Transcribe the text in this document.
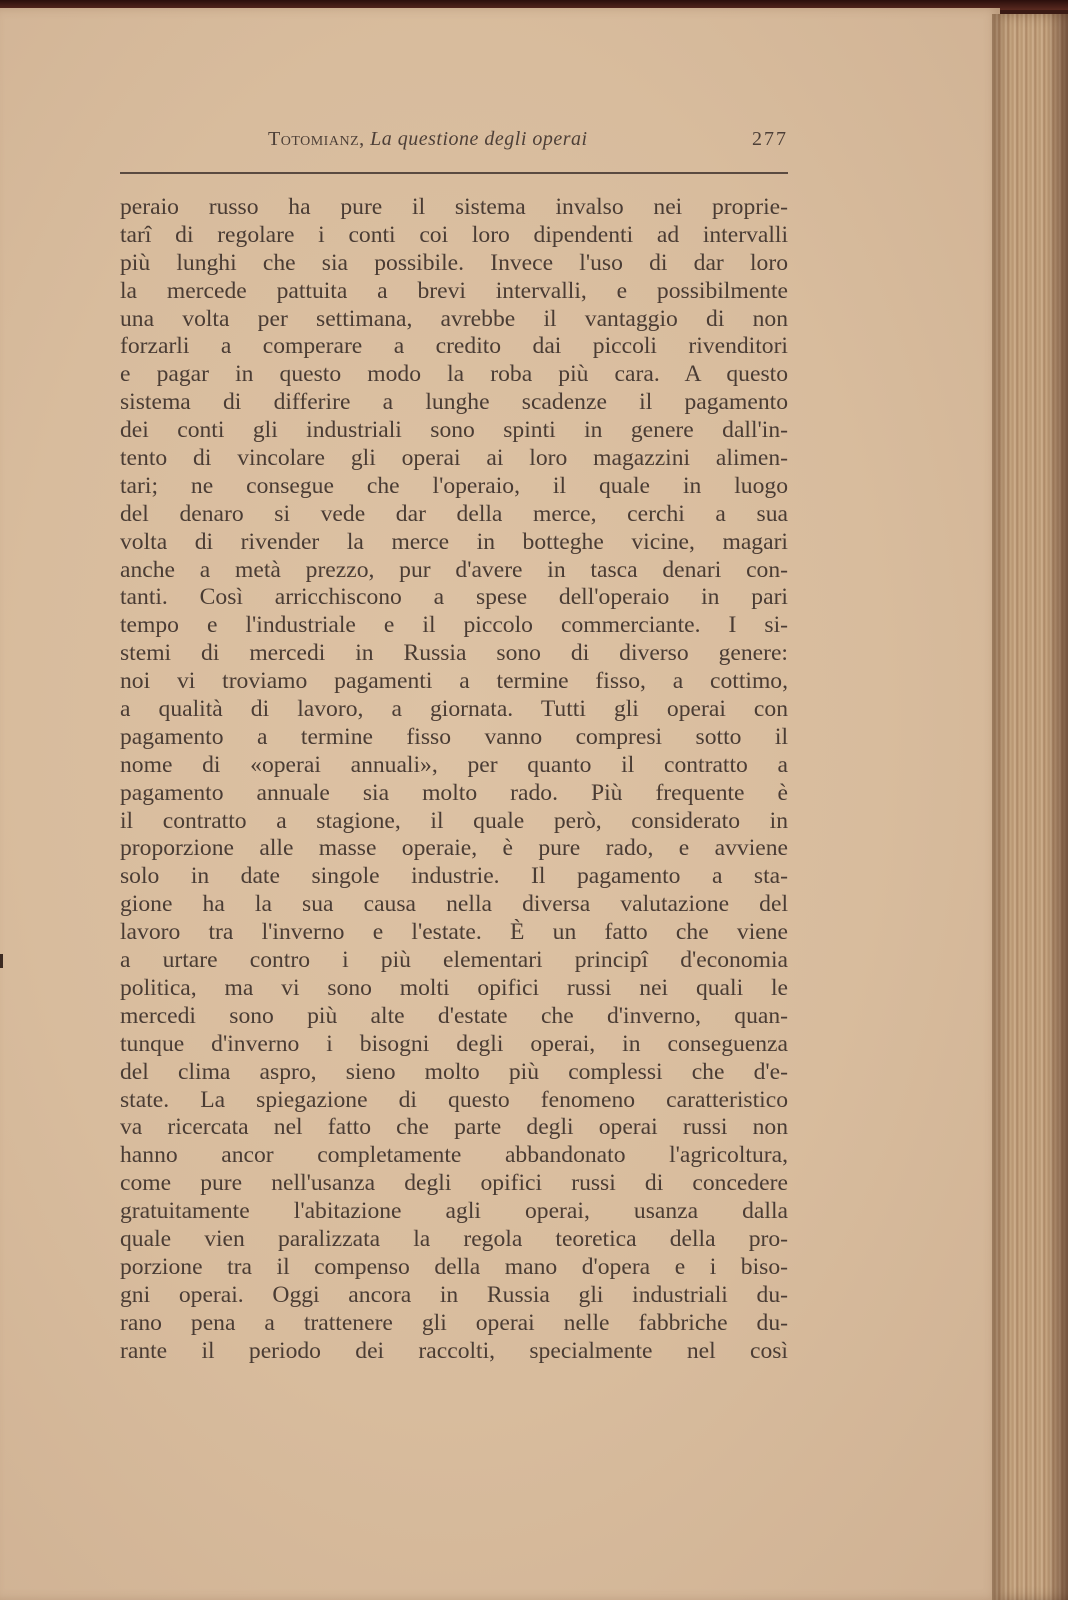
Totomianz, La questione degli operai	277
peraio russo ha pure il sistema invalso nei proprie-
tarî di regolare i conti coi loro dipendenti ad intervalli
più lunghi che sia possibile. Invece l'uso di dar loro
la mercede pattuita a brevi intervalli, e possibilmente
una volta per settimana, avrebbe il vantaggio di non
forzarli a comperare a credito dai piccoli rivenditori
e pagar in questo modo la roba più cara. A questo
sistema di differire a lunghe scadenze il pagamento
dei conti gli industriali sono spinti in genere dall'in-
tento di vincolare gli operai ai loro magazzini alimen-
tari; ne consegue che l'operaio, il quale in luogo
del denaro si vede dar della merce, cerchi a sua
volta di rivender la merce in botteghe vicine, magari
anche a metà prezzo, pur d'avere in tasca denari con-
tanti. Così arricchiscono a spese dell'operaio in pari
tempo e l'industriale e il piccolo commerciante. I si-
stemi di mercedi in Russia sono di diverso genere:
noi vi troviamo pagamenti a termine fisso, a cottimo,
a qualità di lavoro, a giornata. Tutti gli operai con
pagamento a termine fisso vanno compresi sotto il
nome di «operai annuali», per quanto il contratto a
pagamento annuale sia molto rado. Più frequente è
il contratto a stagione, il quale però, considerato in
proporzione alle masse operaie, è pure rado, e avviene
solo in date singole industrie. Il pagamento a sta-
gione ha la sua causa nella diversa valutazione del
lavoro tra l'inverno e l'estate. È un fatto che viene
a urtare contro i più elementari principî d'economia
politica, ma vi sono molti opifici russi nei quali le
mercedi sono più alte d'estate che d'inverno, quan-
tunque d'inverno i bisogni degli operai, in conseguenza
del clima aspro, sieno molto più complessi che d'e-
state. La spiegazione di questo fenomeno caratteristico
va ricercata nel fatto che parte degli operai russi non
hanno ancor completamente abbandonato l'agricoltura,
come pure nell'usanza degli opifici russi di concedere
gratuitamente l'abitazione agli operai, usanza dalla
quale vien paralizzata la regola teoretica della pro-
porzione tra il compenso della mano d'opera e i biso-
gni operai. Oggi ancora in Russia gli industriali du-
rano pena a trattenere gli operai nelle fabbriche du-
rante il periodo dei raccolti, specialmente nel così
